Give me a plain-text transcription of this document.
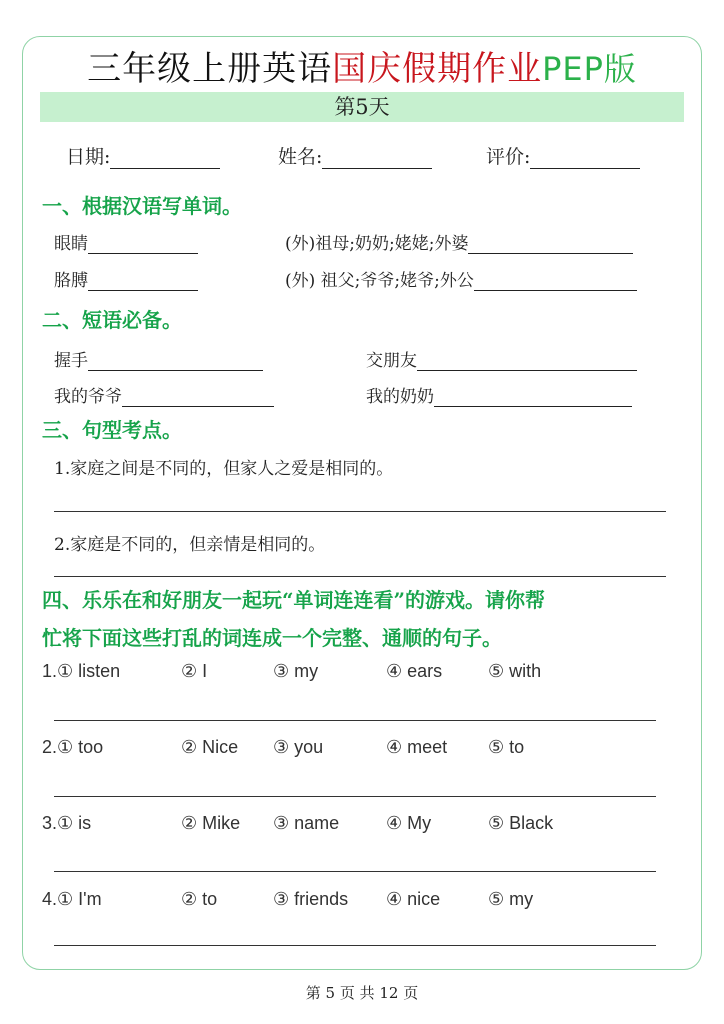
三年级上册英语国庆假期作业PEP版
第5天
日期:	姓名:	评价:
一、根据汉语写单词。
眼睛	(外)祖母;奶奶;姥姥;外婆
胳膊	(外) 祖父;爷爷;姥爷;外公
二、短语必备。
握手	交朋友
我的爷爷	我的奶奶
三、句型考点。
1.家庭之间是不同的，但家人之爱是相同的。
2.家庭是不同的，但亲情是相同的。
四、乐乐在和好朋友一起玩“单词连连看”的游戏。请你帮
忙将下面这些打乱的词连成一个完整、通顺的句子。
1.① listen	② I	③ my	④ ears	⑤ with
2.① too	② Nice ③ you	④ meet ⑤ to
3.① is	② Mike ③ name	④ My	⑤ Black
4.① I'm	② to	③ friends ④ nice	⑤ my
第 5 页 共 12 页
